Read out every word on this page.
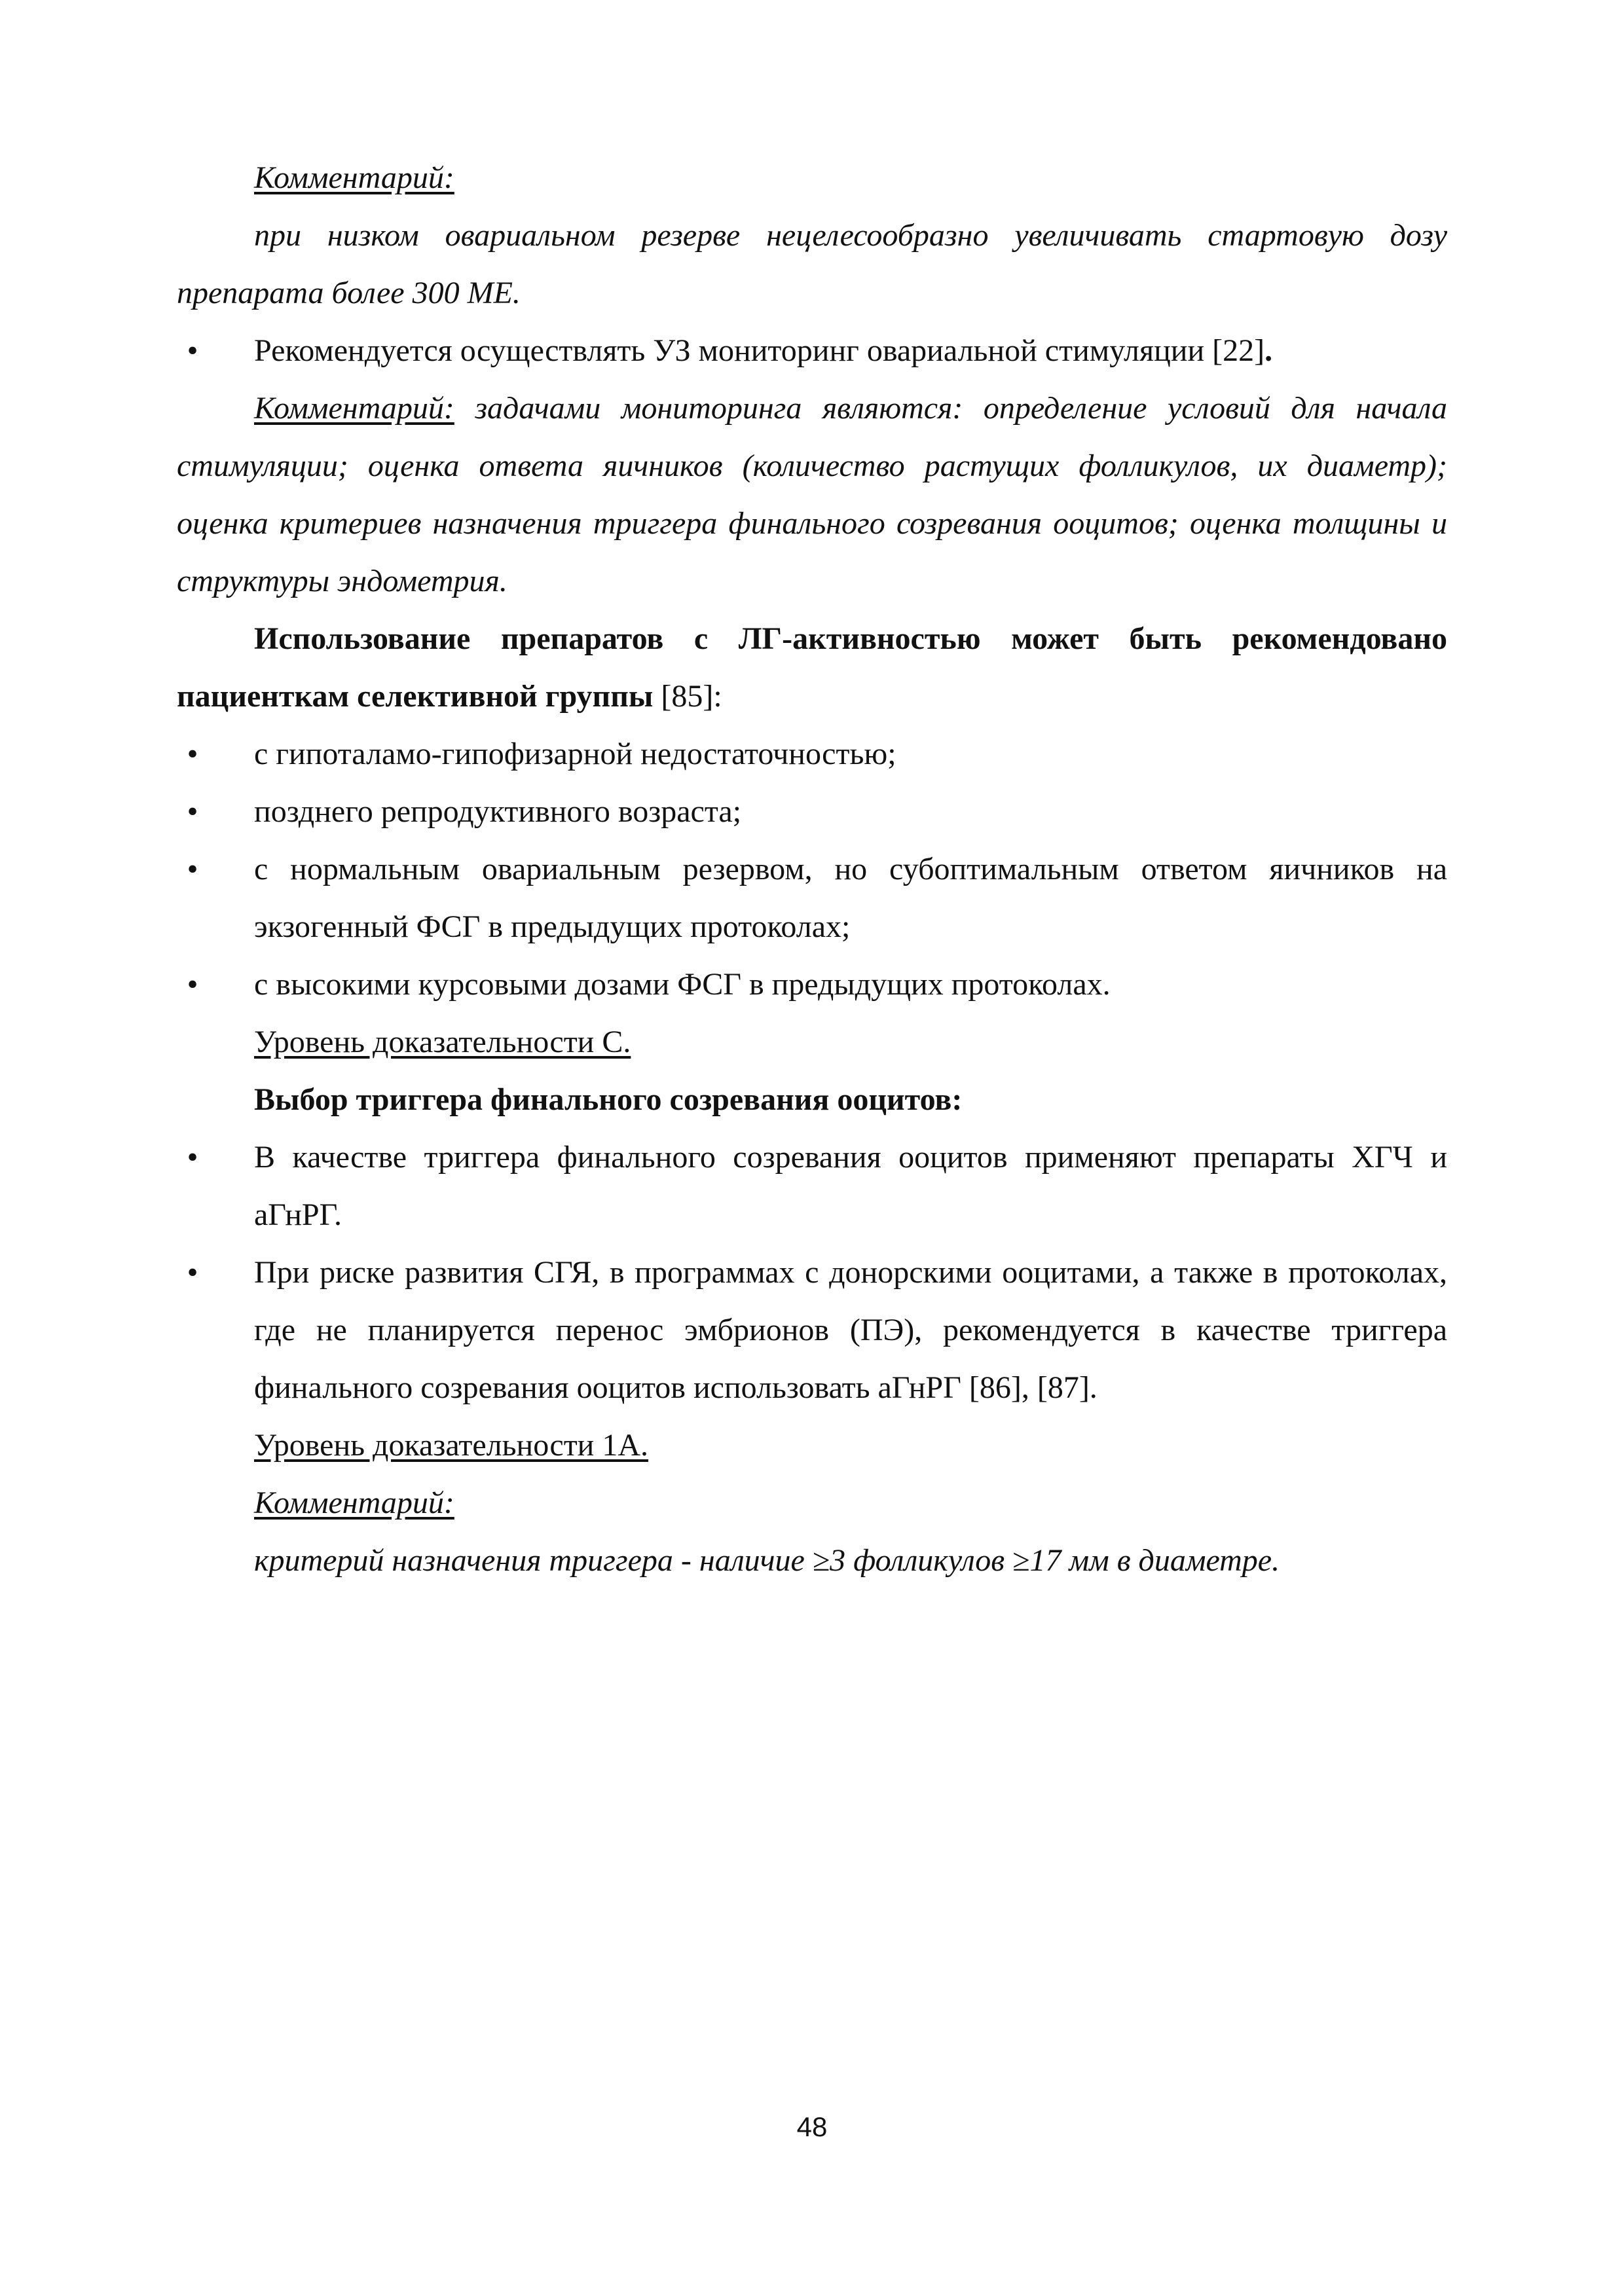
Комментарий:

при низком овариальном резерве нецелесообразно увеличивать стартовую дозу препарата более 300 МЕ.

• Рекомендуется осуществлять УЗ мониторинг овариальной стимуляции [22].

Комментарий: задачами мониторинга являются: определение условий для начала стимуляции; оценка ответа яичников (количество растущих фолликулов, их диаметр); оценка критериев назначения триггера финального созревания ооцитов; оценка толщины и структуры эндометрия.

Использование препаратов с ЛГ-активностью может быть рекомендовано пациенткам селективной группы [85]:

• с гипоталамо-гипофизарной недостаточностью;

• позднего репродуктивного возраста;

• с нормальным овариальным резервом, но субоптимальным ответом яичников на экзогенный ФСГ в предыдущих протоколах;

• с высокими курсовыми дозами ФСГ в предыдущих протоколах.

Уровень доказательности С.

Выбор триггера финального созревания ооцитов:

• В качестве триггера финального созревания ооцитов применяют препараты ХГЧ и аГнРГ.

• При риске развития СГЯ, в программах с донорскими ооцитами, а также в протоколах, где не планируется перенос эмбрионов (ПЭ), рекомендуется в качестве триггера финального созревания ооцитов использовать аГнРГ [86], [87].

Уровень доказательности 1А.

Комментарий:

критерий назначения триггера - наличие ≥3 фолликулов ≥17 мм в диаметре.

48
